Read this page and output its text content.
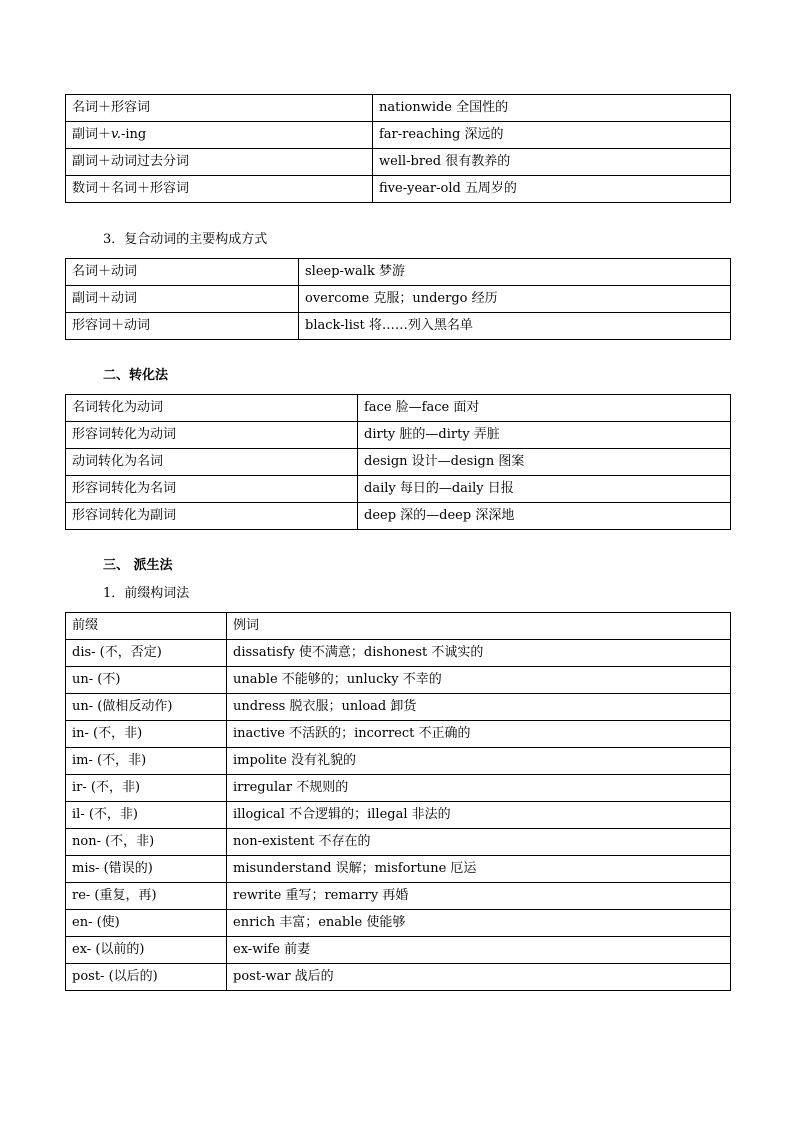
名词＋形容词	nationwide 全国性的
副词＋v.-ing	far-reaching 深远的
副词＋动词过去分词	well-bred 很有教养的
数词＋名词＋形容词	five-year-old 五周岁的
3．复合动词的主要构成方式
名词＋动词	sleep-walk 梦游
副词＋动词	overcome 克服；undergo 经历
形容词＋动词	black-list 将……列入黑名单
二、转化法
名词转化为动词	face 脸—face 面对
形容词转化为动词	dirty 脏的—dirty 弄脏
动词转化为名词	design 设计—design 图案
形容词转化为名词	daily 每日的—daily 日报
形容词转化为副词	deep 深的—deep 深深地
三、 派生法
1．前缀构词法
前缀	例词
dis- (不，否定)	dissatisfy 使不满意；dishonest 不诚实的
un- (不)	unable 不能够的；unlucky 不幸的
un- (做相反动作)	undress 脱衣服；unload 卸货
in- (不，非)	inactive 不活跃的；incorrect 不正确的
im- (不，非)	impolite 没有礼貌的
ir- (不，非)	irregular 不规则的
il- (不，非)	illogical 不合逻辑的；illegal 非法的
non- (不，非)	non-existent 不存在的
mis- (错误的)	misunderstand 误解；misfortune 厄运
re- (重复，再)	rewrite 重写；remarry 再婚
en- (使)	enrich 丰富；enable 使能够
ex- (以前的)	ex-wife 前妻
post- (以后的)	post-war 战后的
